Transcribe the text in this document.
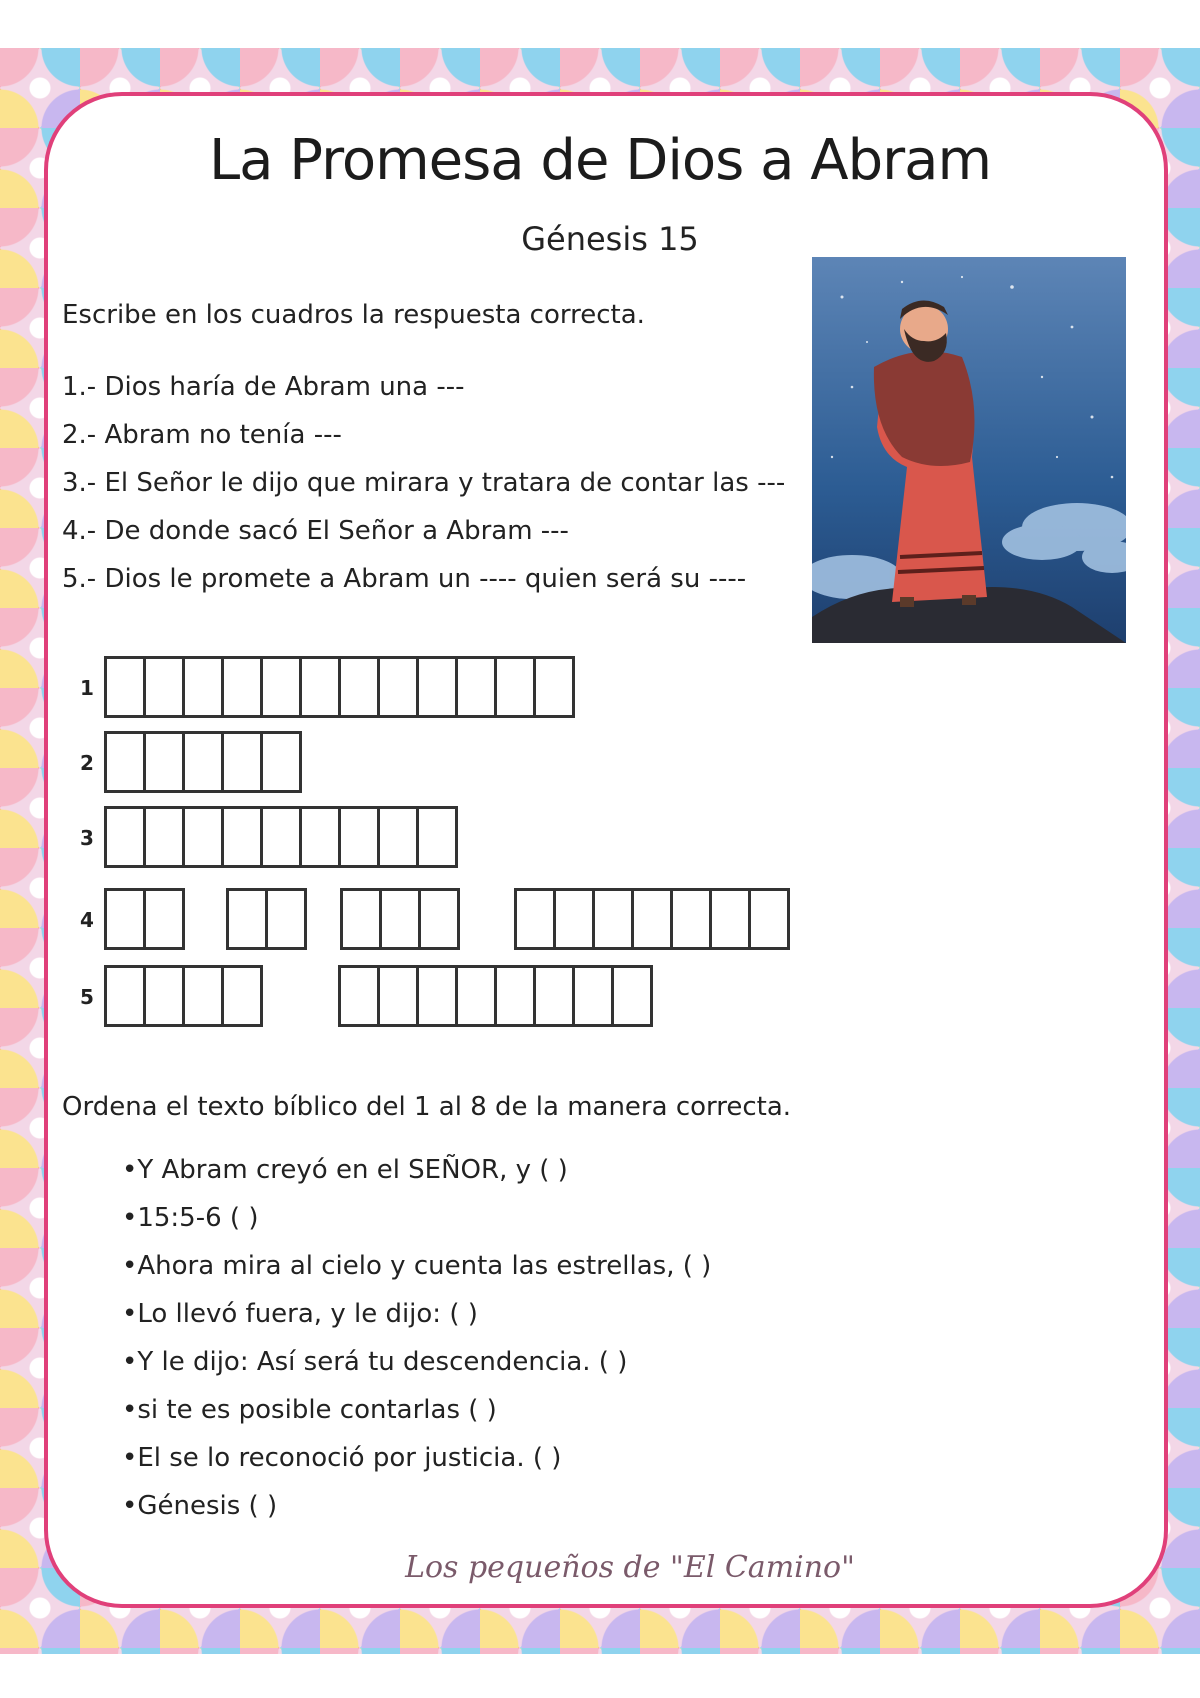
La Promesa de Dios a Abram
Génesis 15
Escribe en los cuadros la respuesta correcta.
1.- Dios haría de Abram una ---
2.- Abram no tenía ---
3.- El Señor le dijo que mirara y tratara de contar las ---
4.- De donde sacó El Señor a Abram ---
5.- Dios le promete a Abram un ---- quien será su ----
1
2
3
4
5
Ordena el texto bíblico del 1 al 8 de la manera correcta.
•Y Abram creyó en el SEÑOR, y ( )
•15:5-6 ( )
•Ahora mira al cielo y cuenta las estrellas, ( )
•Lo llevó fuera, y le dijo: ( )
•Y le dijo: Así será tu descendencia. ( )
•si te es posible contarlas ( )
•El se lo reconoció por justicia. ( )
•Génesis ( )
Los pequeños de "El Camino"
